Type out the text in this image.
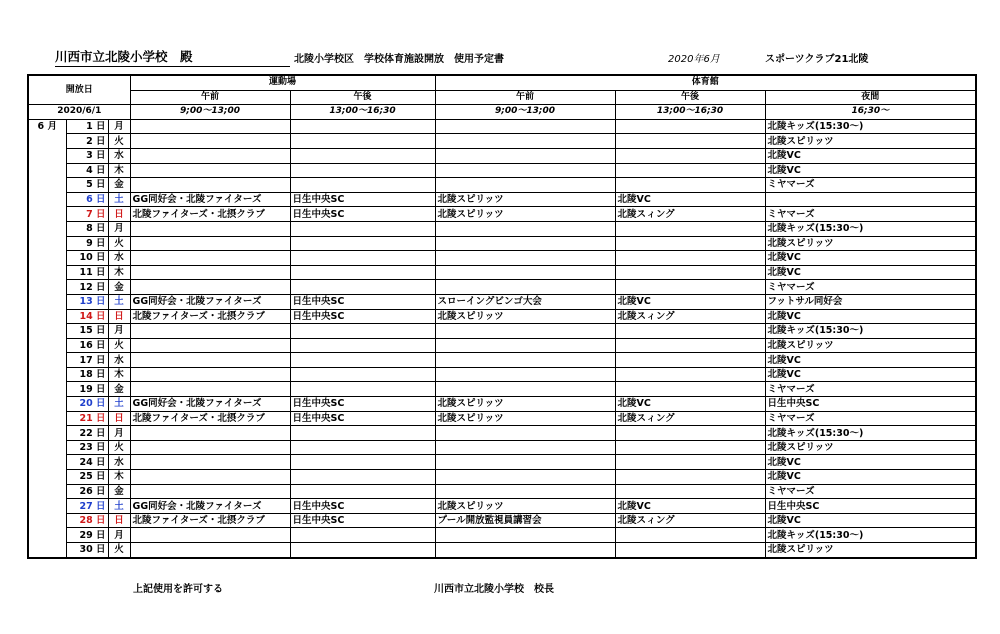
川西市立北陵小学校　殿	北陵小学校区　学校体育施設開放　使用予定書	2020年6月	スポーツクラブ21北陵
開放日			運動場		体育館		
			午前	午後	午前	午後	夜間
2020/6/1			9;00～13;00	13;00～16;30	9;00～13;00	13;00～16;30	16;30～
6 月	1 日	月					北陵キッズ(15:30～)
	2 日	火					北陵スピリッツ
	3 日	水					北陵VC
	4 日	木					北陵VC
	5 日	金					ミヤマーズ
	6 日	土	GG同好会・北陵ファイターズ	日生中央SC	北陵スピリッツ	北陵VC	
	7 日	日	北陵ファイターズ・北摂クラブ	日生中央SC	北陵スピリッツ	北陵スィング	ミヤマーズ
	8 日	月					北陵キッズ(15:30～)
	9 日	火					北陵スピリッツ
	10 日	水					北陵VC
	11 日	木					北陵VC
	12 日	金					ミヤマーズ
	13 日	土	GG同好会・北陵ファイターズ	日生中央SC	スローイングビンゴ大会	北陵VC	フットサル同好会
	14 日	日	北陵ファイターズ・北摂クラブ	日生中央SC	北陵スピリッツ	北陵スィング	北陵VC
	15 日	月					北陵キッズ(15:30～)
	16 日	火					北陵スピリッツ
	17 日	水					北陵VC
	18 日	木					北陵VC
	19 日	金					ミヤマーズ
	20 日	土	GG同好会・北陵ファイターズ	日生中央SC	北陵スピリッツ	北陵VC	日生中央SC
	21 日	日	北陵ファイターズ・北摂クラブ	日生中央SC	北陵スピリッツ	北陵スィング	ミヤマーズ
	22 日	月					北陵キッズ(15:30～)
	23 日	火					北陵スピリッツ
	24 日	水					北陵VC
	25 日	木					北陵VC
	26 日	金					ミヤマーズ
	27 日	土	GG同好会・北陵ファイターズ	日生中央SC	北陵スピリッツ	北陵VC	日生中央SC
	28 日	日	北陵ファイターズ・北摂クラブ	日生中央SC	プール開放監視員講習会	北陵スィング	北陵VC
	29 日	月					北陵キッズ(15:30～)
	30 日	火					北陵スピリッツ
上記使用を許可する	川西市立北陵小学校　校長
